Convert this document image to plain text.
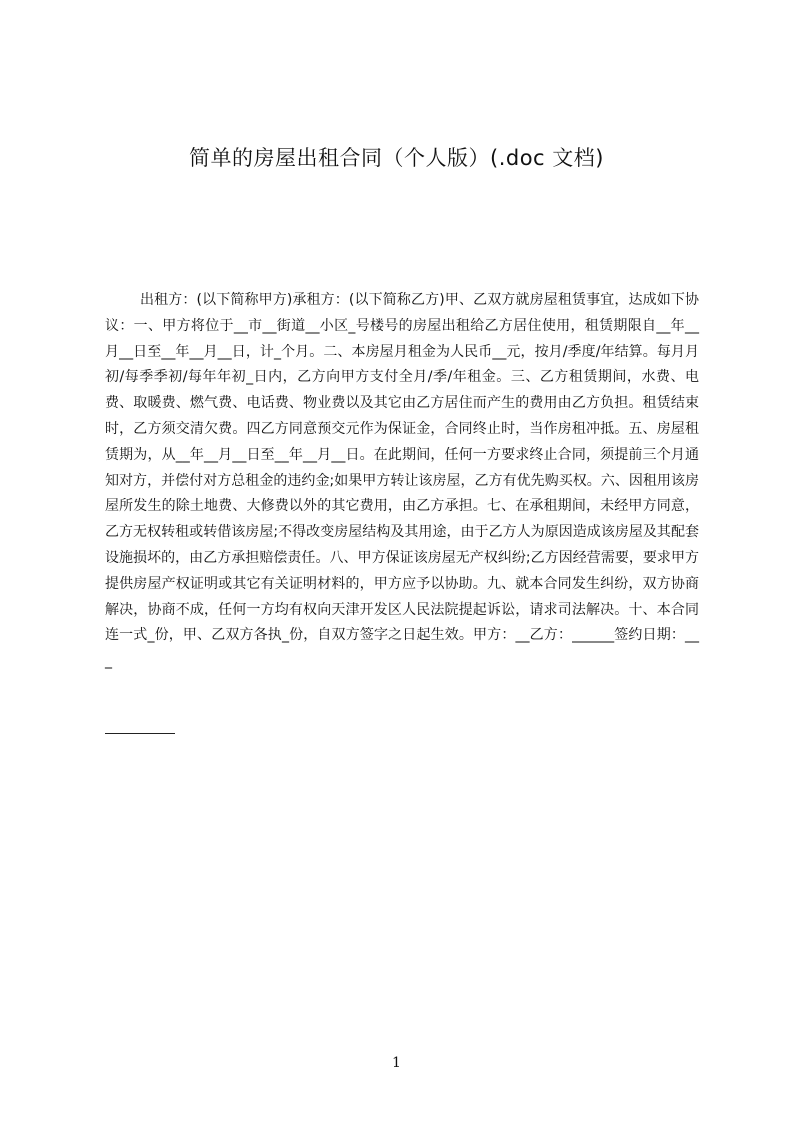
简单的房屋出租合同（个人版）(.doc 文档)

出租方：(以下简称甲方)承租方：(以下简称乙方)甲、乙双方就房屋租赁事宜，达成如下协议：一、甲方将位于__市__街道__小区_号楼号的房屋出租给乙方居住使用，租赁期限自__年__月__日至__年__月__日，计_个月。二、本房屋月租金为人民币__元，按月/季度/年结算。每月月初/每季季初/每年年初_日内，乙方向甲方支付全月/季/年租金。三、乙方租赁期间，水费、电费、取暖费、燃气费、电话费、物业费以及其它由乙方居住而产生的费用由乙方负担。租赁结束时，乙方须交清欠费。四乙方同意预交元作为保证金，合同终止时，当作房租冲抵。五、房屋租赁期为，从__年__月__日至__年__月__日。在此期间，任何一方要求终止合同，须提前三个月通知对方，并偿付对方总租金的违约金;如果甲方转让该房屋，乙方有优先购买权。六、因租用该房屋所发生的除土地费、大修费以外的其它费用，由乙方承担。七、在承租期间，未经甲方同意，乙方无权转租或转借该房屋;不得改变房屋结构及其用途，由于乙方人为原因造成该房屋及其配套设施损坏的，由乙方承担赔偿责任。八、甲方保证该房屋无产权纠纷;乙方因经营需要，要求甲方提供房屋产权证明或其它有关证明材料的，甲方应予以协助。九、就本合同发生纠纷，双方协商解决，协商不成，任何一方均有权向天津开发区人民法院提起诉讼，请求司法解决。十、本合同连一式_份，甲、乙双方各执_份，自双方签字之日起生效。甲方：__乙方：______签约日期：___

1
